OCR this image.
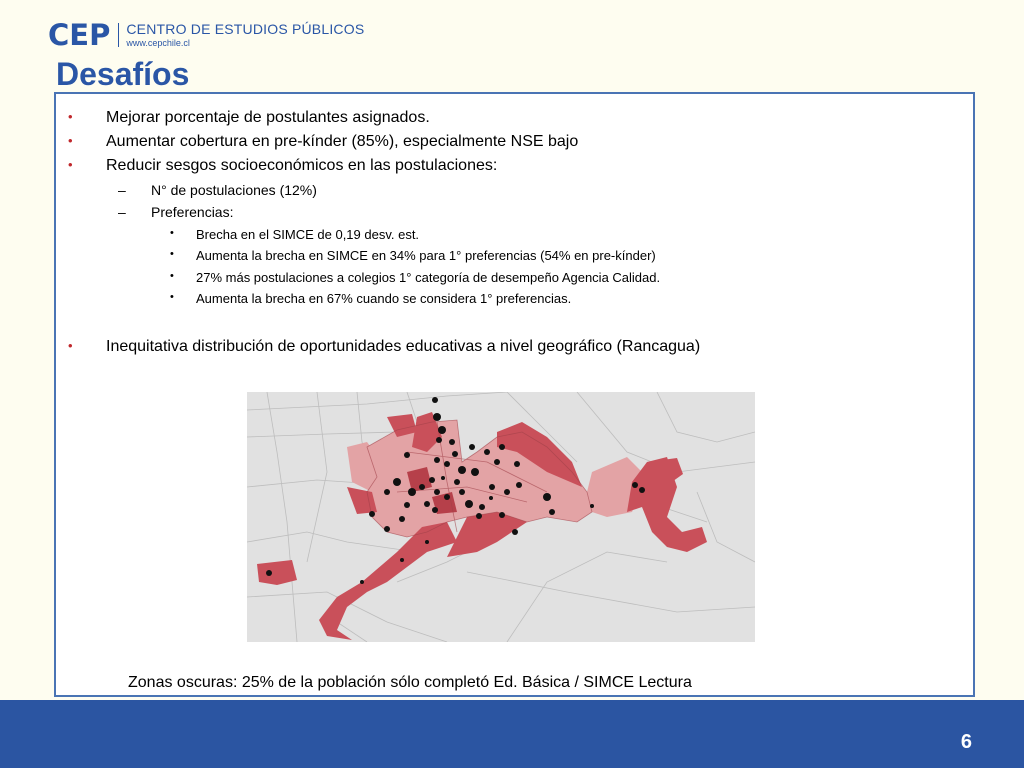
CEP CENTRO DE ESTUDIOS PÚBLICOS
www.cepchile.cl
Desafíos
• Mejorar porcentaje de postulantes asignados.
• Aumentar cobertura en pre-kínder (85%), especialmente NSE bajo
• Reducir sesgos socioeconómicos en las postulaciones:
– N° de postulaciones (12%)
– Preferencias:
• Brecha en el SIMCE de 0,19 desv. est.
• Aumenta la brecha en SIMCE en 34% para 1° preferencias (54% en pre-kínder)
• 27% más postulaciones a colegios 1° categoría de desempeño Agencia Calidad.
• Aumenta la brecha en 67% cuando se considera 1° preferencias.
• Inequitativa distribución de oportunidades educativas a nivel geográfico (Rancagua)
Zonas oscuras: 25% de la población sólo completó Ed. Básica / SIMCE Lectura
6
